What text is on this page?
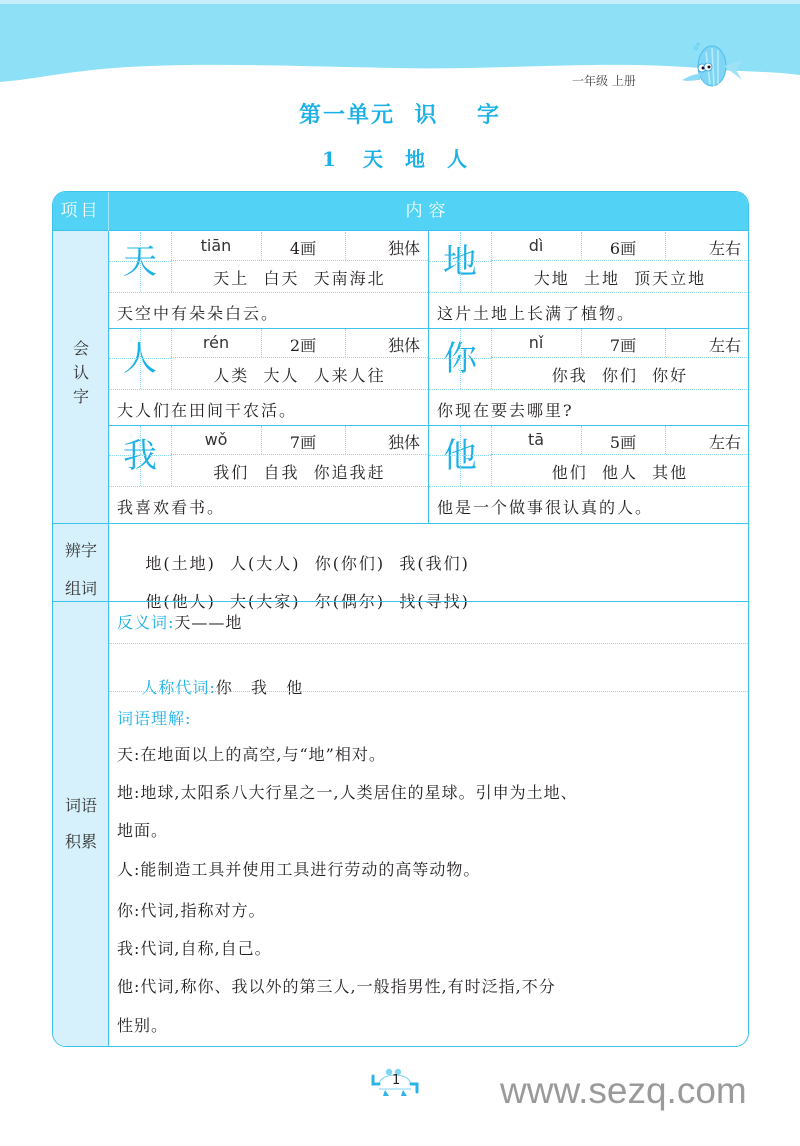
一年级 上册
第一单元  识    字
1 天 地 人
项目	内容
会认字
天	tiān	4画	独体
天上 白天 天南海北
天空中有朵朵白云。
地	dì	6画	左右
大地 土地 顶天立地
这片土地上长满了植物。
人	rén	2画	独体
人类 大人 人来人往
大人们在田间干农活。
你	nǐ	7画	左右
你我 你们 你好
你现在要去哪里?
我	wǒ	7画	独体
我们 自我 你追我赶
我喜欢看书。
他	tā	5画	左右
他们 他人 其他
他是一个做事很认真的人。
辨字
组词

地(土地) 人(大人) 你(你们) 我(我们)

他(他人) 大(大家) 尔(偶尔) 找(寻找)

词语
积累
反义词:天——地

人称代词:你   我   他

词语理解:
天:在地面以上的高空,与“地”相对。
地:地球,太阳系八大行星之一,人类居住的星球。引申为土地、
地面。
人:能制造工具并使用工具进行劳动的高等动物。
你:代词,指称对方。
我:代词,自称,自己。
他:代词,称你、我以外的第三人,一般指男性,有时泛指,不分
性别。
1	www.sezq.com
